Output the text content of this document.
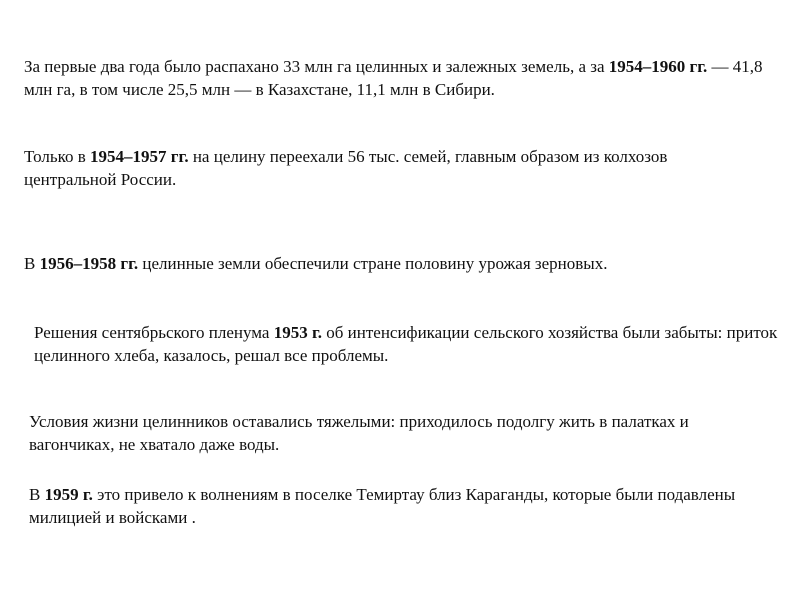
За первые два года было распахано 33 млн га целинных и залежных земель, а за 1954–1960 гг. — 41,8 млн га, в том числе 25,5 млн — в Казахстане, 11,1 млн в Сибири.

Только в 1954–1957 гг. на целину переехали 56 тыс. семей, главным образом из колхозов центральной России.

В 1956–1958 гг. целинные земли обеспечили стране половину урожая зерновых.

Решения сентябрьского пленума 1953 г. об интенсификации сельского хозяйства были забыты: приток целинного хлеба, казалось, решал все проблемы.

Условия жизни целинников оставались тяжелыми: приходилось подолгу жить в палатках и вагончиках, не хватало даже воды.

В 1959 г. это привело к волнениям в поселке Темиртау близ Караганды, которые были подавлены милицией и войсками .
